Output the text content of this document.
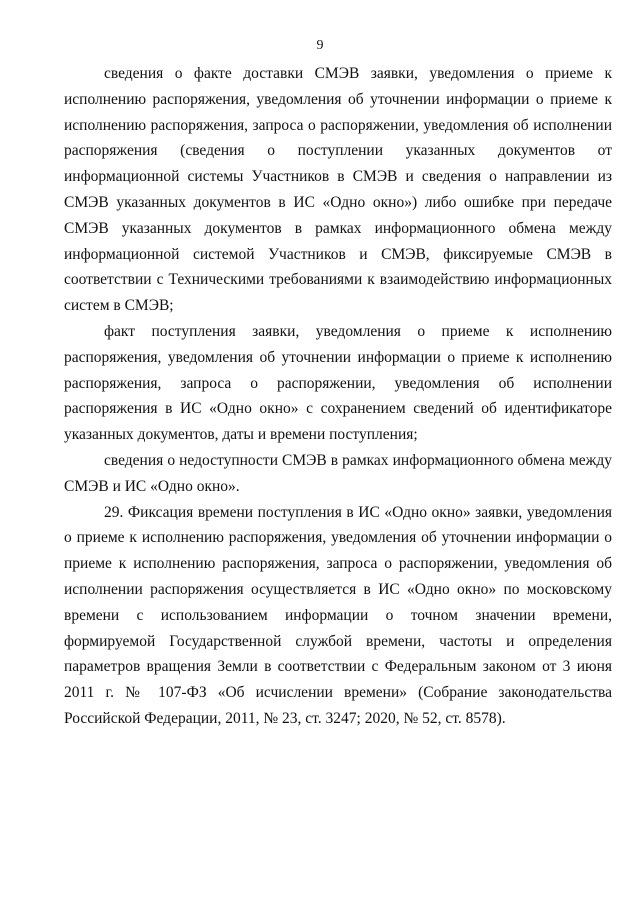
9

сведения о факте доставки СМЭВ заявки, уведомления о приеме к исполнению распоряжения, уведомления об уточнении информации о приеме к исполнению распоряжения, запроса о распоряжении, уведомления об исполнении распоряжения (сведения о поступлении указанных документов от информационной системы Участников в СМЭВ и сведения о направлении из СМЭВ указанных документов в ИС «Одно окно») либо ошибке при передаче СМЭВ указанных документов в рамках информационного обмена между информационной системой Участников и СМЭВ, фиксируемые СМЭВ в соответствии с Техническими требованиями к взаимодействию информационных систем в СМЭВ;

факт поступления заявки, уведомления о приеме к исполнению распоряжения, уведомления об уточнении информации о приеме к исполнению распоряжения, запроса о распоряжении, уведомления об исполнении распоряжения в ИС «Одно окно» с сохранением сведений об идентификаторе указанных документов, даты и времени поступления;

сведения о недоступности СМЭВ в рамках информационного обмена между СМЭВ и ИС «Одно окно».

29. Фиксация времени поступления в ИС «Одно окно» заявки, уведомления о приеме к исполнению распоряжения, уведомления об уточнении информации о приеме к исполнению распоряжения, запроса о распоряжении, уведомления об исполнении распоряжения осуществляется в ИС «Одно окно» по московскому времени с использованием информации о точном значении времени, формируемой Государственной службой времени, частоты и определения параметров вращения Земли в соответствии с Федеральным законом от 3 июня 2011 г. № 107-ФЗ «Об исчислении времени» (Собрание законодательства Российской Федерации, 2011, № 23, ст. 3247; 2020, № 52, ст. 8578).
